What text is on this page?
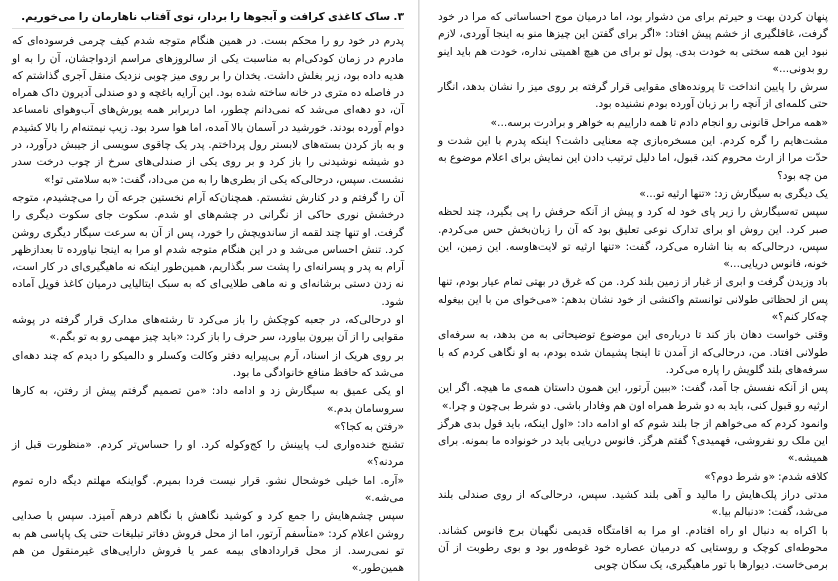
۳. ساک کاغذی کرافت و آبجوها را بردار، توی آفتاب ناهارمان را می‌خوریم.

پدرم در خود رو را محکم بست. در همین هنگام متوجه شدم کیف چرمی فرسوده‌ای که مادرم در زمان کودکی‌ام به مناسبت یکی از سالروزهای مراسم ازدواجشان، آن را به او هدیه داده بود، زیر بغلش داشت. یخدان را بر روی میز چوبی نزدیک منقل آجری گذاشتم که در فاصله ده متری در خانه ساخته شده بود. این آرایه باغچه و دو صندلی آدیرون داک همراه آن، دو دهه‌ای می‌شد که نمی‌دانم چطور، اما دربرابر همه یورش‌های آب‌وهوای نامساعد دوام آورده بودند. خورشید در آسمان بالا آمده، اما هوا سرد بود. زیپ نیمتنه‌ام را بالا کشیدم و به باز کردن بسته‌های لابستر رول پرداختم. پدر یک چاقوی سویسی از جیبش درآورد، در دو شیشه نوشیدنی را باز کرد و بر روی یکی از صندلی‌های سرخ از چوب درخت سدر نشست. سپس، درحالی‌که یکی از بطری‌ها را به من می‌داد، گفت: «به سلامتی تو!»

آن را گرفتم و در کنارش نشستم. همچنان‌که آرام نخستین جرعه آن را می‌چشیدم، متوجه درخشش نوری حاکی از نگرانی در چشم‌های او شدم. سکوت جای سکوت دیگری را گرفت. او تنها چند لقمه از ساندویچش را خورد، پس از آن به سرعت سیگار دیگری روشن کرد. تنش احساس می‌شد و در این هنگام متوجه شدم او مرا به اینجا نیاورده تا بعدازظهر آرام به پدر و پسرانه‌ای را پشت سر بگذاریم، همین‌طور اینکه نه ماهیگیری‌ای در کار است، نه زدن دستی برشانه‌ای و نه ماهی طلایی‌ای که به سبک ایتالیایی درمیان کاغذ فویل آماده شود.

او درحالی‌که، در جعبه کوچکش را باز می‌کرد تا رشته‌های مدارک قرار گرفته در پوشه مقوایی را از آن بیرون بیاورد، سر حرف را باز کرد: «باید چیز مهمی رو به تو بگم.»

بر روی هریک از اسناد، آرم بی‌پیرایه دفتر وکالت وکسلر و دالمیکو را دیدم که چند دهه‌ای می‌شد که حافظ منافع خانوادگی ما بود.

او یکی عمیق به سیگارش زد و ادامه داد: «من تصمیم گرفتم پیش از رفتن، به کارها سروسامان بدم.»

«رفتن به کجا؟»

تشنج خنده‌واری لب پایینش را کج‌وکوله کرد. او را حساس‌تر کردم. «منظورت قبل از مردنه؟»

«آره. اما خیلی خوشحال نشو. قرار نیست فردا بمیرم. گواینکه مهلتم دیگه داره تموم می‌شه.»

سپس چشم‌هایش را جمع کرد و کوشید نگاهش با نگاهم درهم آمیزد. سپس با صدایی روشن اعلام کرد: «متأسفم آرتور، اما از محل فروش دفاتر تبلیغات حتی یک پاپاسی هم به تو نمی‌رسد. از محل قراردادهای بیمه عمر یا فروش دارایی‌های غیرمنقول من هم همین‌طور.»

پنهان کردن بهت و حیرتم برای من دشوار بود، اما درمیان موج احساساتی که مرا در خود گرفت، غافلگیری از خشم پیش افتاد: «اگر برای گفتن این چیزها منو به اینجا آوردی، لازم نبود این همه سختی به خودت بدی. پول تو برای من هیچ اهمیتی نداره، خودت هم باید اینو رو بدونی...»

سرش را پایین انداخت تا پرونده‌های مقوایی قرار گرفته بر روی میز را نشان بدهد، انگار حتی کلمه‌ای از آنچه را بر زبان آورده بودم نشنیده بود.

«همه مراحل قانونی رو انجام دادم تا همه داراییم به خواهر و برادرت برسه...»

مشت‌هایم را گره کردم. این مسخره‌بازی چه معنایی داشت؟ اینکه پدرم با این شدت و حدّت مرا از ارث محروم کند، قبول، اما دلیل ترتیب دادن این نمایش برای اعلام موضوع به من چه بود؟

یک دیگری به سیگارش زد: «تنها ارثیه تو...»

سپس ته‌سیگارش را زیر پای خود له کرد و پیش از آنکه حرفش را پی بگیرد، چند لحظه صبر کرد. این روش او برای تدارک نوعی تعلیق بود که آن را زبان‌بخش حس می‌کردم. سپس، درحالی‌که به بنا اشاره می‌کرد، گفت: «تنها ارثیه تو لایت‌هاوسه. این زمین، این خونه، فانوس دریایی...»

باد وزیدن گرفت و ابری از غبار از زمین بلند کرد. من که غرق در بهتی تمام عیار بودم، تنها پس از لحظاتی طولانی توانستم واکنشی از خود نشان بدهم: «می‌خوای من با این بیغوله چه‌کار کنم؟»

وقتی خواست دهان باز کند تا درباره‌ی این موضوع توضیحاتی به من بدهد، به سرفه‌ای طولانی افتاد. من، درحالی‌که از آمدن تا اینجا پشیمان شده بودم، به او نگاهی کردم که با سرفه‌های بلند گلویش را پاره می‌کرد.

پس از آنکه نفسش جا آمد، گفت: «ببین آرتور، این همون داستان همه‌ی ما هیچه. اگر این ارثیه رو قبول کنی، باید به دو شرط همراه اون هم وفادار باشی. دو شرط بی‌چون و چرا.»

وانمود کردم که می‌خواهم از جا بلند شوم که او ادامه داد: «اول اینکه، باید قول بدی هرگز این ملک رو نفروشی، فهمیدی؟ گفتم هرگز. فانوس دریایی باید در خونواده ما بمونه. برای همیشه.»

کلافه شدم: «و شرط دوم؟»

مدتی دراز پلک‌هایش را مالید و آهی بلند کشید. سپس، درحالی‌که از روی صندلی بلند می‌شد، گفت: «دنبالم بیا.»

با اکراه به دنبال او راه افتادم. او مرا به اقامتگاه قدیمی نگهبان برج فانوس کشاند. محوطه‌ای کوچک و روستایی که درمیان عصاره خود غوطه‌ور بود و بوی رطوبت از آن برمی‌خاست. دیوارها با تور ماهیگیری، یک سکان چوبی
